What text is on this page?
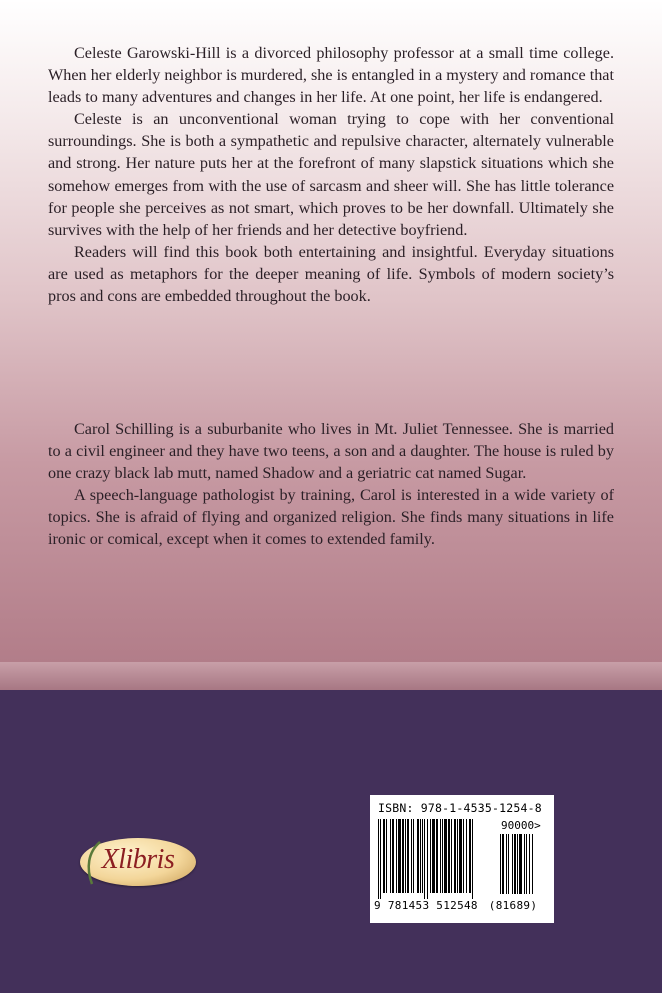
Celeste Garowski-Hill is a divorced philosophy professor at a small time college. When her elderly neighbor is murdered, she is entangled in a mystery and romance that leads to many adventures and changes in her life. At one point, her life is endangered.

Celeste is an unconventional woman trying to cope with her conventional surroundings. She is both a sympathetic and repulsive character, alternately vulnerable and strong. Her nature puts her at the forefront of many slapstick situations which she somehow emerges from with the use of sarcasm and sheer will. She has little tolerance for people she perceives as not smart, which proves to be her downfall. Ultimately she survives with the help of her friends and her detective boyfriend.

Readers will find this book both entertaining and insightful. Everyday situations are used as metaphors for the deeper meaning of life. Symbols of modern society’s pros and cons are embedded throughout the book.

Carol Schilling is a suburbanite who lives in Mt. Juliet Tennessee. She is married to a civil engineer and they have two teens, a son and a daughter. The house is ruled by one crazy black lab mutt, named Shadow and a geriatric cat named Sugar.

A speech-language pathologist by training, Carol is interested in a wide variety of topics. She is afraid of flying and organized religion. She finds many situations in life ironic or comical, except when it comes to extended family.

Xlibris
ISBN: 978-1-4535-1254-8
90000>
9 781453 512548 (81689)
